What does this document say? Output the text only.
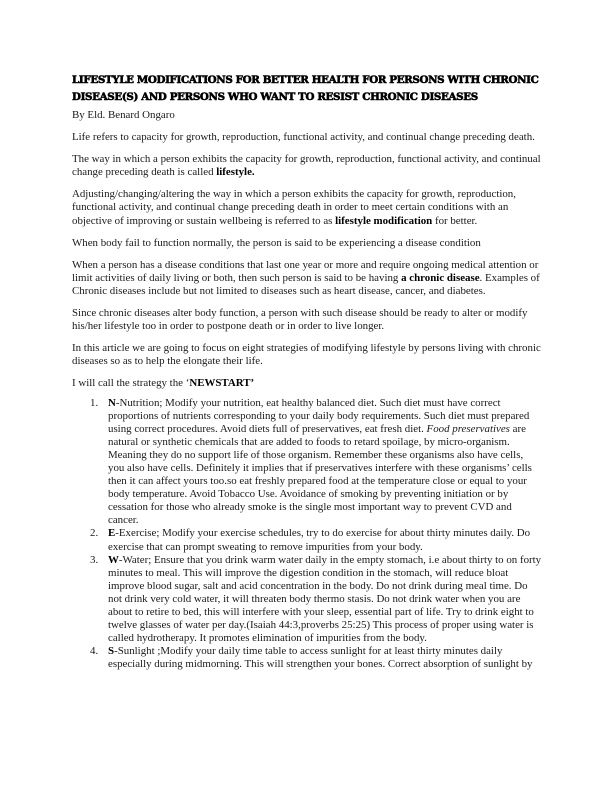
LIFESTYLE MODIFICATIONS FOR BETTER HEALTH FOR PERSONS WITH CHRONIC DISEASE(S) AND PERSONS WHO WANT TO RESIST CHRONIC DISEASES

By Eld. Benard Ongaro

Life refers to capacity for growth, reproduction, functional activity, and continual change preceding death.

The way in which a person exhibits the capacity for growth, reproduction, functional activity, and continual change preceding death is called lifestyle.

Adjusting/changing/altering the way in which a person exhibits the capacity for growth, reproduction, functional activity, and continual change preceding death in order to meet certain conditions with an objective of improving or sustain wellbeing is referred to as lifestyle modification for better.

When body fail to function normally, the person is said to be experiencing a disease condition

When a person has a disease conditions that last one year or more and require ongoing medical attention or limit activities of daily living or both, then such person is said to be having a chronic disease. Examples of Chronic diseases include but not limited to diseases such as heart disease, cancer, and diabetes.

Since chronic diseases alter body function, a person with such disease should be ready to alter or modify his/her lifestyle too in order to postpone death or in order to live longer.

In this article we are going to focus on eight strategies of modifying lifestyle by persons living with chronic diseases so as to help the elongate their life.

I will call the strategy the ‘NEWSTART’

1. N-Nutrition; Modify your nutrition, eat healthy balanced diet. Such diet must have correct proportions of nutrients corresponding to your daily body requirements. Such diet must prepared using correct procedures. Avoid diets full of preservatives, eat fresh diet. Food preservatives are natural or synthetic chemicals that are added to foods to retard spoilage, by micro-organism. Meaning they do no support life of those organism. Remember these organisms also have cells, you also have cells. Definitely it implies that if preservatives interfere with these organisms’ cells then it can affect yours too.so eat freshly prepared food at the temperature close or equal to your body temperature. Avoid Tobacco Use. Avoidance of smoking by preventing initiation or by cessation for those who already smoke is the single most important way to prevent CVD and cancer.
2. E-Exercise; Modify your exercise schedules, try to do exercise for about thirty minutes daily. Do exercise that can prompt sweating to remove impurities from your body.
3. W-Water; Ensure that you drink warm water daily in the empty stomach, i.e about thirty to on forty minutes to meal. This will improve the digestion condition in the stomach, will reduce bloat improve blood sugar, salt and acid concentration in the body. Do not drink during meal time. Do not drink very cold water, it will threaten body thermo stasis. Do not drink water when you are about to retire to bed, this will interfere with your sleep, essential part of life. Try to drink eight to twelve glasses of water per day.(Isaiah 44:3,proverbs 25:25) This process of proper using water is called hydrotherapy. It promotes elimination of impurities from the body.
4. S-Sunlight ;Modify your daily time table to access sunlight for at least thirty minutes daily especially during midmorning. This will strengthen your bones. Correct absorption of sunlight by
